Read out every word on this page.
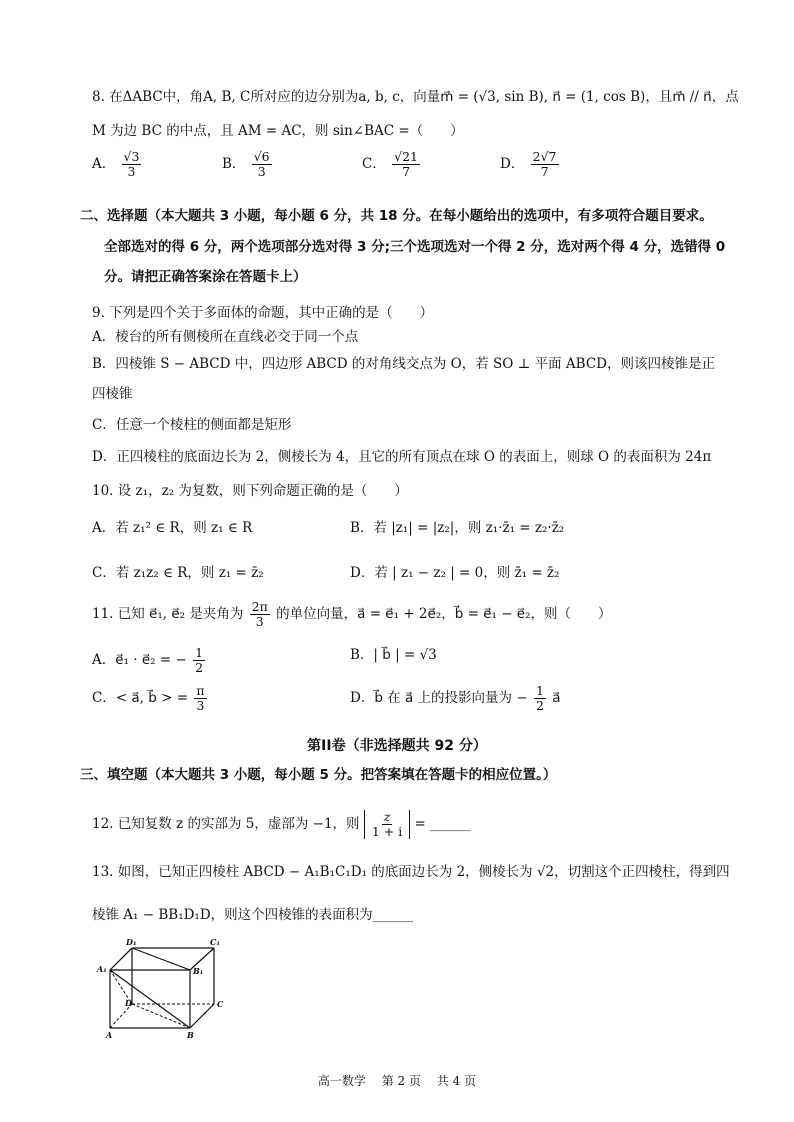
8. 在ΔABC中，角A, B, C所对应的边分别为a, b, c，向量m⃗ = (√3, sin B), n⃗ = (1, cos B)，且m⃗ // n⃗，点
M 为边 BC 的中点，且 AM = AC，则 sin∠BAC =（　　）
A． $\frac{√3}{3}$	B． $\frac{√6}{3}$	C． $\frac{√21}{7}$	D． $\frac{2√7}{7}$
二、选择题（本大题共 3 小题，每小题 6 分，共 18 分。在每小题给出的选项中，有多项符合题目要求。
全部选对的得 6 分，两个选项部分选对得 3 分;三个选项选对一个得 2 分，选对两个得 4 分，选错得 0
分。请把正确答案涂在答题卡上）
9. 下列是四个关于多面体的命题，其中正确的是（　　）
A．棱台的所有侧棱所在直线必交于同一个点
B．四棱锥 S − ABCD 中，四边形 ABCD 的对角线交点为 O，若 SO ⊥ 平面 ABCD，则该四棱锥是正
四棱锥
C．任意一个棱柱的侧面都是矩形
D．正四棱柱的底面边长为 2，侧棱长为 4，且它的所有顶点在球 O 的表面上，则球 O 的表面积为 24π
10. 设 z₁，z₂ 为复数，则下列命题正确的是（　　）
A．若 z₁² ∈ R，则 z₁ ∈ R	B．若 |z₁| = |z₂|，则 z₁·z̄₁ = z₂·z̄₂
C．若 z₁z₂ ∈ R，则 z₁ = z̄₂	D．若 | z₁ − z₂ | = 0，则 z̄₁ = z̄₂
11. 已知 e⃗₁, e⃗₂ 是夹角为 $\frac{2\pi}{3}$ 的单位向量，a⃗ = e⃗₁ + 2e⃗₂，b⃗ = e⃗₁ − e⃗₂，则（　　）
A．e⃗₁ · e⃗₂ = − $\frac{1}{2}$	B．| b⃗ | = √3
C．< a⃗, b⃗ > = $\frac{\pi}{3}$	D．b⃗ 在 a⃗ 上的投影向量为 − $\frac{1}{2}$ a⃗
第II卷（非选择题共 92 分）
三、填空题（本大题共 3 小题，每小题 5 分。把答案填在答题卡的相应位置。）
12. 已知复数 z 的实部为 5，虚部为 −1，则 $\frac{z}{1 + i}$ = ______
13. 如图，已知正四棱柱 ABCD − A₁B₁C₁D₁ 的底面边长为 2，侧棱长为 √2，切割这个正四棱柱，得到四
棱锥 A₁ − BB₁D₁D，则这个四棱锥的表面积为______
D₁	C₁
A₁	B₁
D	C
A	B
高一数学　 第 2 页　 共 4 页
